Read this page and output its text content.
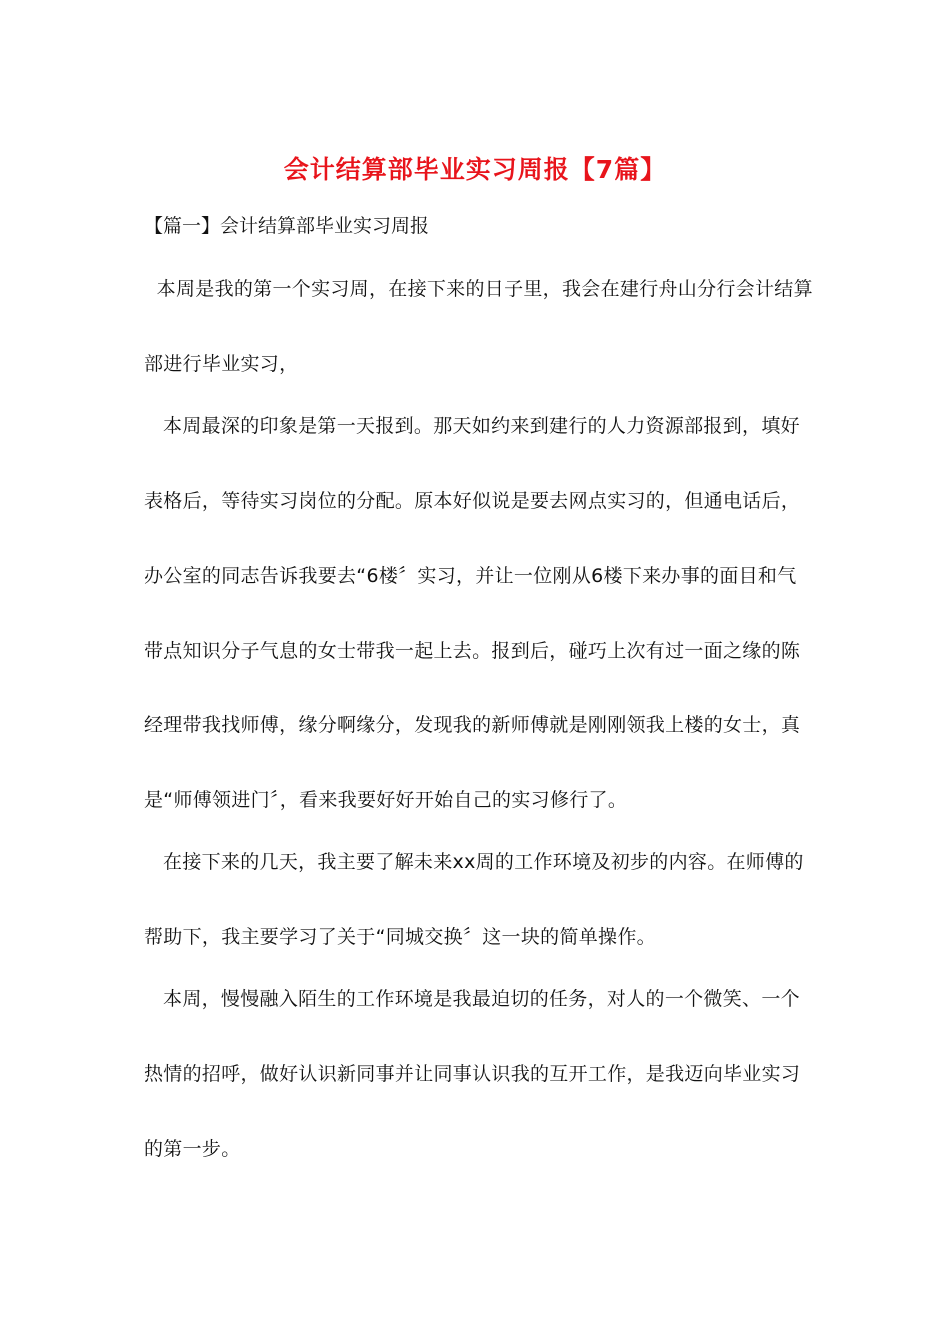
会计结算部毕业实习周报【7篇】
【篇一】会计结算部毕业实习周报
本周是我的第一个实习周，在接下来的日子里，我会在建行舟山分行会计结算
部进行毕业实习，
本周最深的印象是第一天报到。那天如约来到建行的人力资源部报到，填好
表格后，等待实习岗位的分配。原本好似说是要去网点实习的，但通电话后，
办公室的同志告诉我要去“6楼〞实习，并让一位刚从6楼下来办事的面目和气
带点知识分子气息的女士带我一起上去。报到后，碰巧上次有过一面之缘的陈
经理带我找师傅，缘分啊缘分，发现我的新师傅就是刚刚领我上楼的女士，真
是“师傅领进门〞，看来我要好好开始自己的实习修行了。
在接下来的几天，我主要了解未来xx周的工作环境及初步的内容。在师傅的
帮助下，我主要学习了关于“同城交换〞这一块的简单操作。
本周，慢慢融入陌生的工作环境是我最迫切的任务，对人的一个微笑、一个
热情的招呼，做好认识新同事并让同事认识我的互开工作，是我迈向毕业实习
的第一步。
